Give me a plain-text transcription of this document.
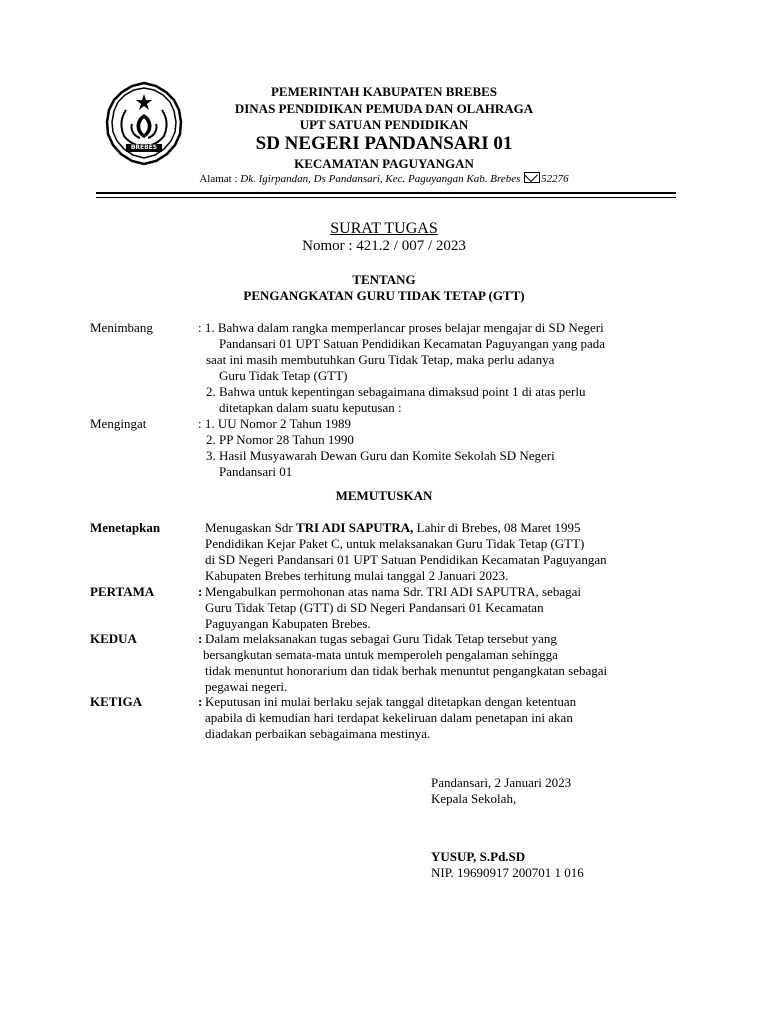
BREBES
PEMERINTAH KABUPATEN BREBES
DINAS PENDIDIKAN PEMUDA DAN OLAHRAGA
UPT SATUAN PENDIDIKAN
SD NEGERI PANDANSARI 01
KECAMATAN PAGUYANGAN
Alamat : Dk. Igirpandan, Ds Pandansari, Kec. Paguyangan Kab. Brebes 52276
SURAT TUGAS
Nomor : 421.2 / 007 / 2023
TENTANG
PENGANGKATAN GURU TIDAK TETAP (GTT)
Menimbang	: 1. Bahwa dalam rangka memperlancar proses belajar mengajar di SD Negeri
Pandansari 01 UPT Satuan Pendidikan Kecamatan Paguyangan yang pada
saat ini masih membutuhkan Guru Tidak Tetap, maka perlu adanya
Guru Tidak Tetap (GTT)
2. Bahwa untuk kepentingan sebagaimana dimaksud point 1 di atas perlu
ditetapkan dalam suatu keputusan :
Mengingat	: 1. UU Nomor 2 Tahun 1989
2. PP Nomor 28 Tahun 1990
3. Hasil Musyawarah Dewan Guru dan Komite Sekolah SD Negeri
Pandansari 01
MEMUTUSKAN
Menetapkan	Menugaskan Sdr TRI ADI SAPUTRA, Lahir di Brebes, 08 Maret 1995
Pendidikan Kejar Paket C, untuk melaksanakan Guru Tidak Tetap (GTT)
di SD Negeri Pandansari 01 UPT Satuan Pendidikan Kecamatan Paguyangan
Kabupaten Brebes terhitung mulai tanggal 2 Januari 2023.
PERTAMA	: Mengabulkan permohonan atas nama Sdr. TRI ADI SAPUTRA, sebagai
Guru Tidak Tetap (GTT) di SD Negeri Pandansari 01 Kecamatan
Paguyangan Kabupaten Brebes.
KEDUA	: Dalam melaksanakan tugas sebagai Guru Tidak Tetap tersebut yang
bersangkutan semata-mata untuk memperoleh pengalaman sehingga
tidak menuntut honorarium dan tidak berhak menuntut pengangkatan sebagai
pegawai negeri.
KETIGA	: Keputusan ini mulai berlaku sejak tanggal ditetapkan dengan ketentuan
apabila di kemudian hari terdapat kekeliruan dalam penetapan ini akan
diadakan perbaikan sebagaimana mestinya.
Pandansari, 2 Januari 2023
Kepala Sekolah,
YUSUP, S.Pd.SD
NIP. 19690917 200701 1 016
